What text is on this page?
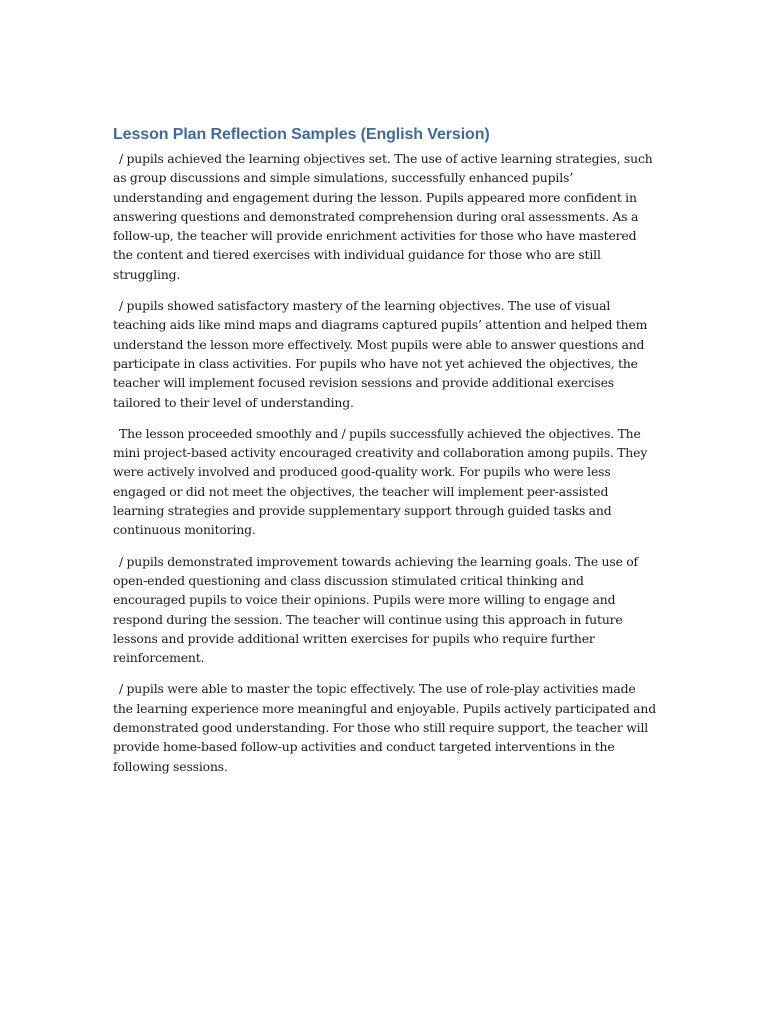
Lesson Plan Reflection Samples (English Version)

/ pupils achieved the learning objectives set. The use of active learning strategies, such as group discussions and simple simulations, successfully enhanced pupils’ understanding and engagement during the lesson. Pupils appeared more confident in answering questions and demonstrated comprehension during oral assessments. As a follow-up, the teacher will provide enrichment activities for those who have mastered the content and tiered exercises with individual guidance for those who are still struggling.

/ pupils showed satisfactory mastery of the learning objectives. The use of visual teaching aids like mind maps and diagrams captured pupils’ attention and helped them understand the lesson more effectively. Most pupils were able to answer questions and participate in class activities. For pupils who have not yet achieved the objectives, the teacher will implement focused revision sessions and provide additional exercises tailored to their level of understanding.

The lesson proceeded smoothly and / pupils successfully achieved the objectives. The mini project-based activity encouraged creativity and collaboration among pupils. They were actively involved and produced good-quality work. For pupils who were less engaged or did not meet the objectives, the teacher will implement peer-assisted learning strategies and provide supplementary support through guided tasks and continuous monitoring.

/ pupils demonstrated improvement towards achieving the learning goals. The use of open-ended questioning and class discussion stimulated critical thinking and encouraged pupils to voice their opinions. Pupils were more willing to engage and respond during the session. The teacher will continue using this approach in future lessons and provide additional written exercises for pupils who require further reinforcement.

/ pupils were able to master the topic effectively. The use of role-play activities made the learning experience more meaningful and enjoyable. Pupils actively participated and demonstrated good understanding. For those who still require support, the teacher will provide home-based follow-up activities and conduct targeted interventions in the following sessions.
